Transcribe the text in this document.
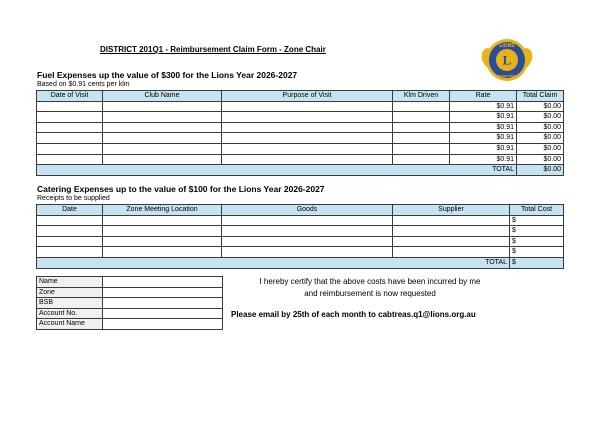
DISTRICT 201Q1 - Reimbursement Claim Form - Zone Chair
L
LIONS
INTERNATIONAL
Fuel Expenses up the value of $300 for the Lions Year 2026-2027
Based on $0.91 cents per klm
Date of Visit	Club Name	Purpose of Visit	Klm Driven	Rate	Total Claim
				$0.91	$0.00
				$0.91	$0.00
				$0.91	$0.00
				$0.91	$0.00
				$0.91	$0.00
				$0.91	$0.00
TOTAL					$0.00
Catering Expenses up to the value of $100 for the Lions Year 2026-2027
Receipts to be supplied
Date	Zone Meeting Location	Goods	Supplier	Total Cost
				$
				$
				$
				$
TOTAL				$
Name	
Zone	
BSB	
Account No.	
Account Name	
I hereby certify that the above costs have been incurred by me
and reimbursement is now requested
Please email by 25th of each month to cabtreas.q1@lions.org.au
